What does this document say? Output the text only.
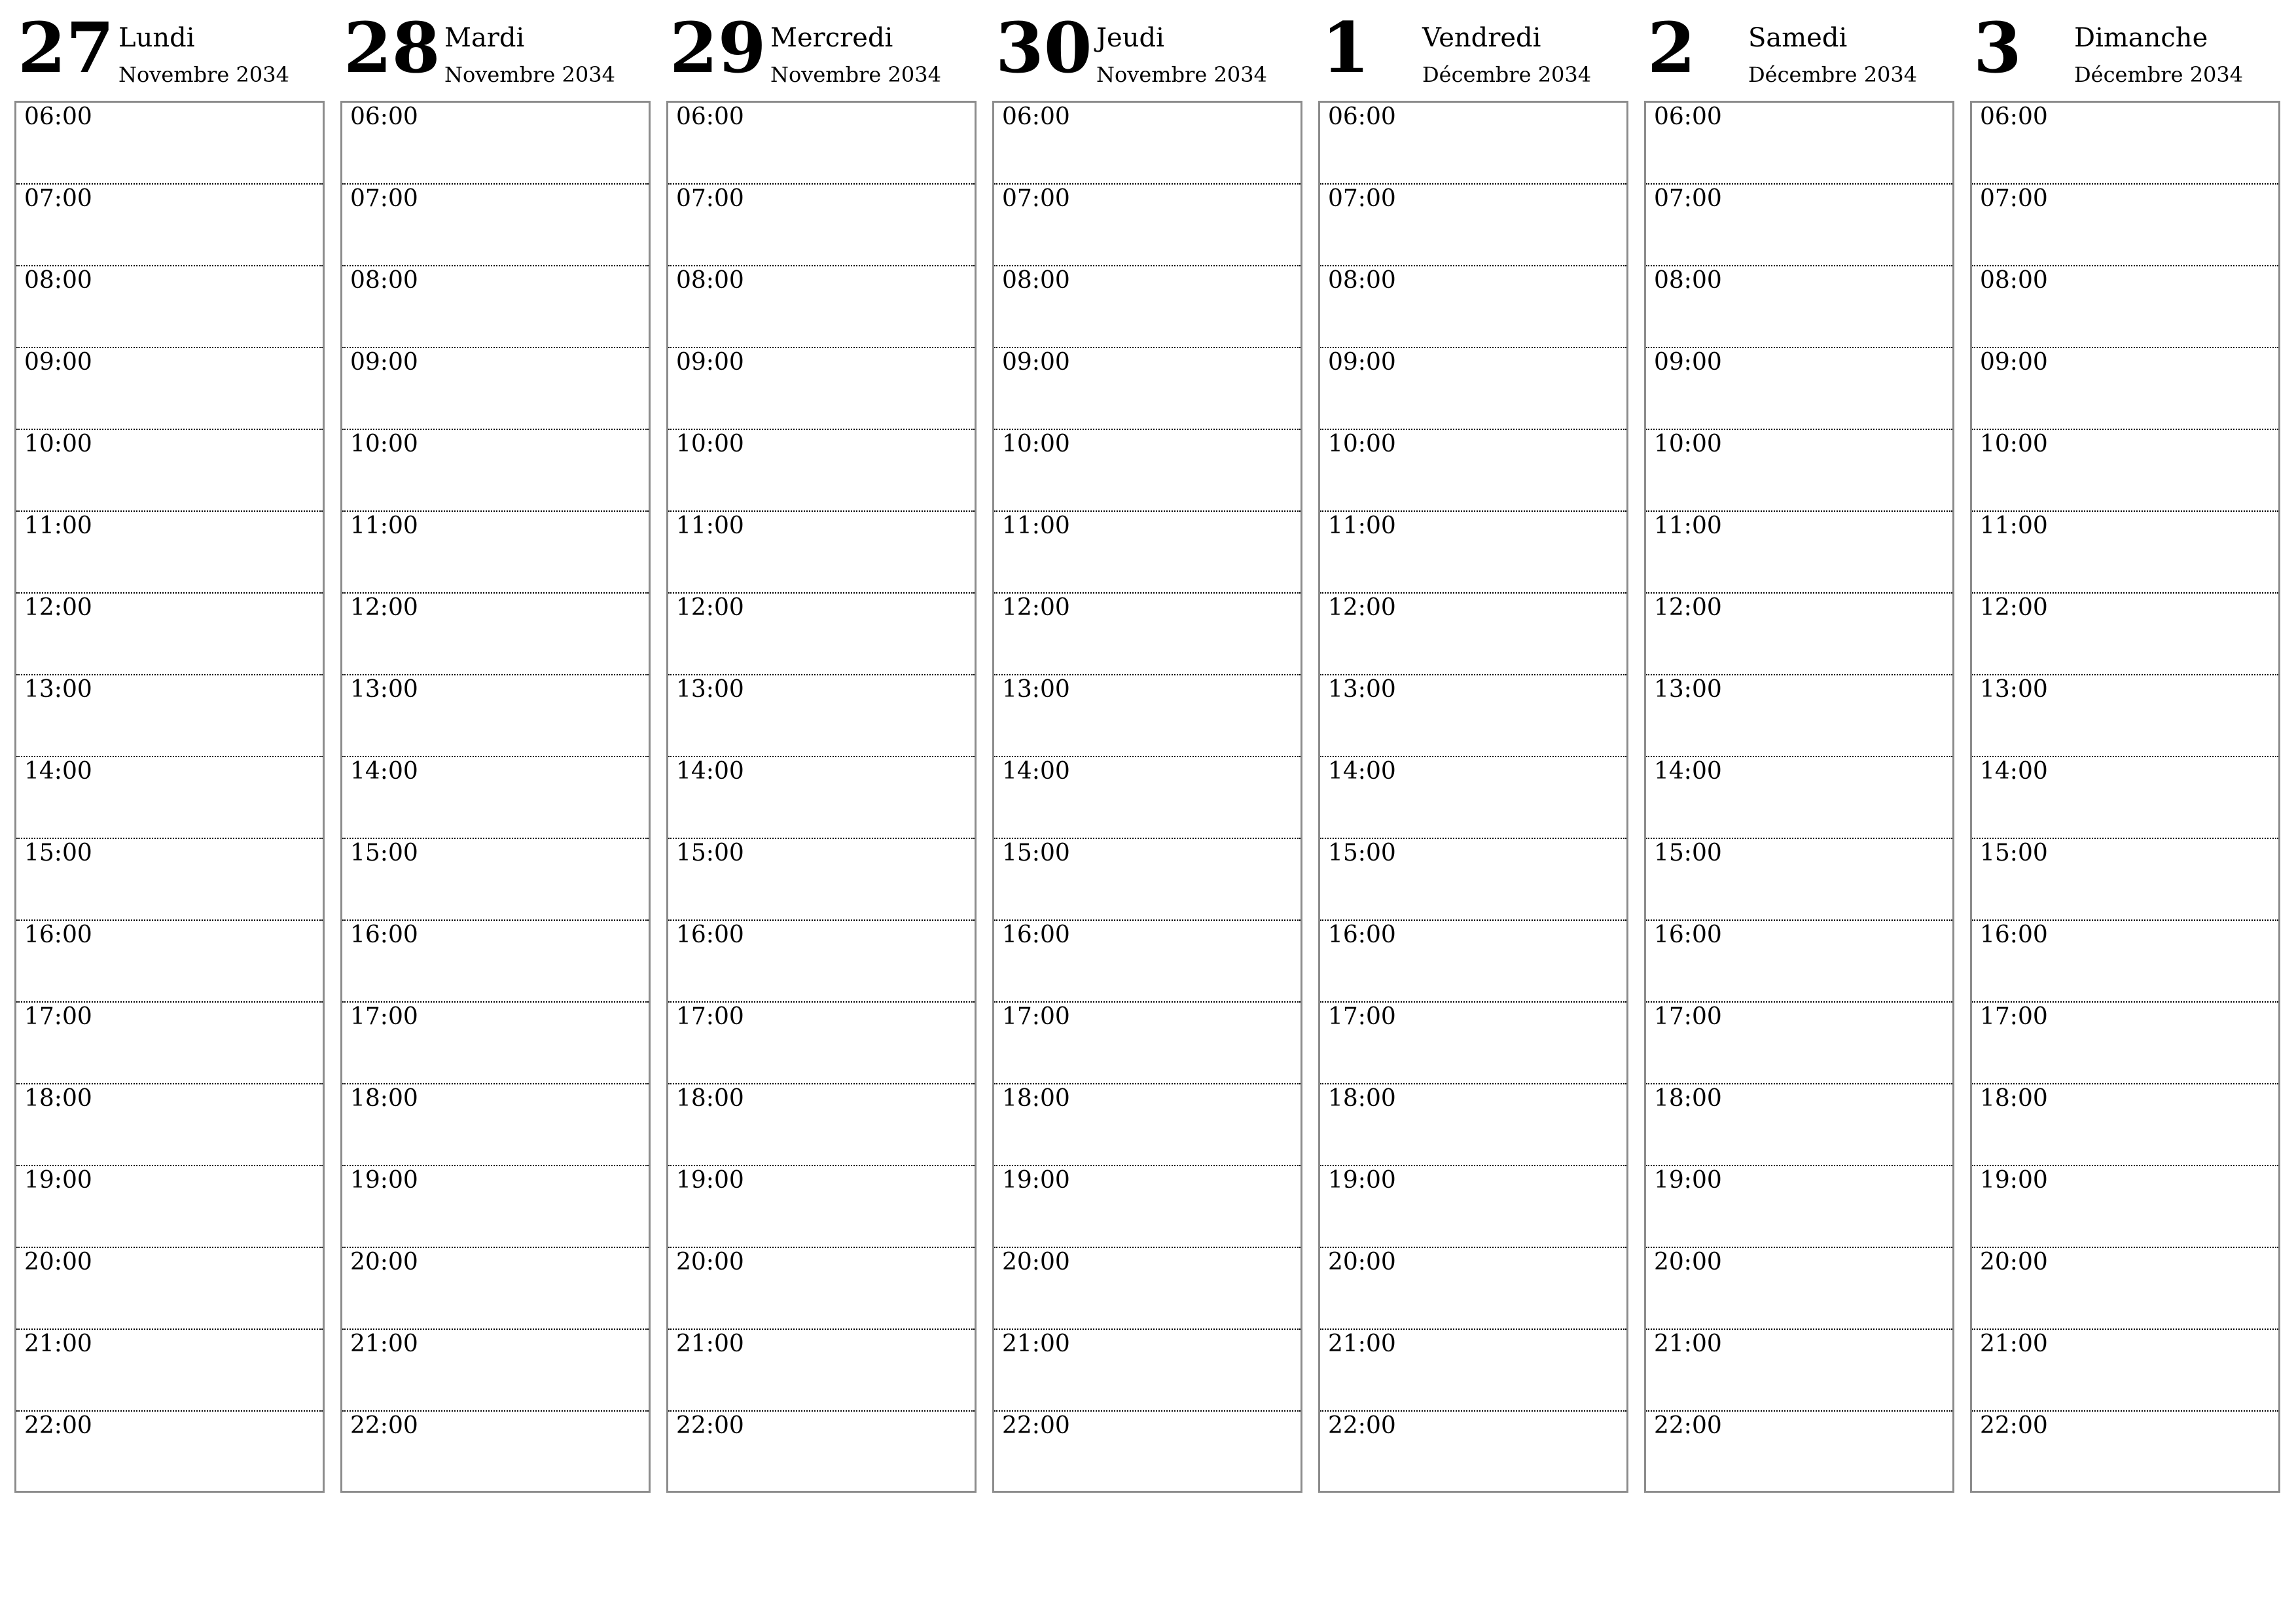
27 Lundi
Novembre 2034
06:00
07:00
08:00
09:00
10:00
11:00
12:00
13:00
14:00
15:00
16:00
17:00
18:00
19:00
20:00
21:00
22:00
28 Mardi
Novembre 2034
06:00
07:00
08:00
09:00
10:00
11:00
12:00
13:00
14:00
15:00
16:00
17:00
18:00
19:00
20:00
21:00
22:00
29 Mercredi
Novembre 2034
06:00
07:00
08:00
09:00
10:00
11:00
12:00
13:00
14:00
15:00
16:00
17:00
18:00
19:00
20:00
21:00
22:00
30 Jeudi
Novembre 2034
06:00
07:00
08:00
09:00
10:00
11:00
12:00
13:00
14:00
15:00
16:00
17:00
18:00
19:00
20:00
21:00
22:00
1 Vendredi
Décembre 2034
06:00
07:00
08:00
09:00
10:00
11:00
12:00
13:00
14:00
15:00
16:00
17:00
18:00
19:00
20:00
21:00
22:00
2 Samedi
Décembre 2034
06:00
07:00
08:00
09:00
10:00
11:00
12:00
13:00
14:00
15:00
16:00
17:00
18:00
19:00
20:00
21:00
22:00
3 Dimanche
Décembre 2034
06:00
07:00
08:00
09:00
10:00
11:00
12:00
13:00
14:00
15:00
16:00
17:00
18:00
19:00
20:00
21:00
22:00
